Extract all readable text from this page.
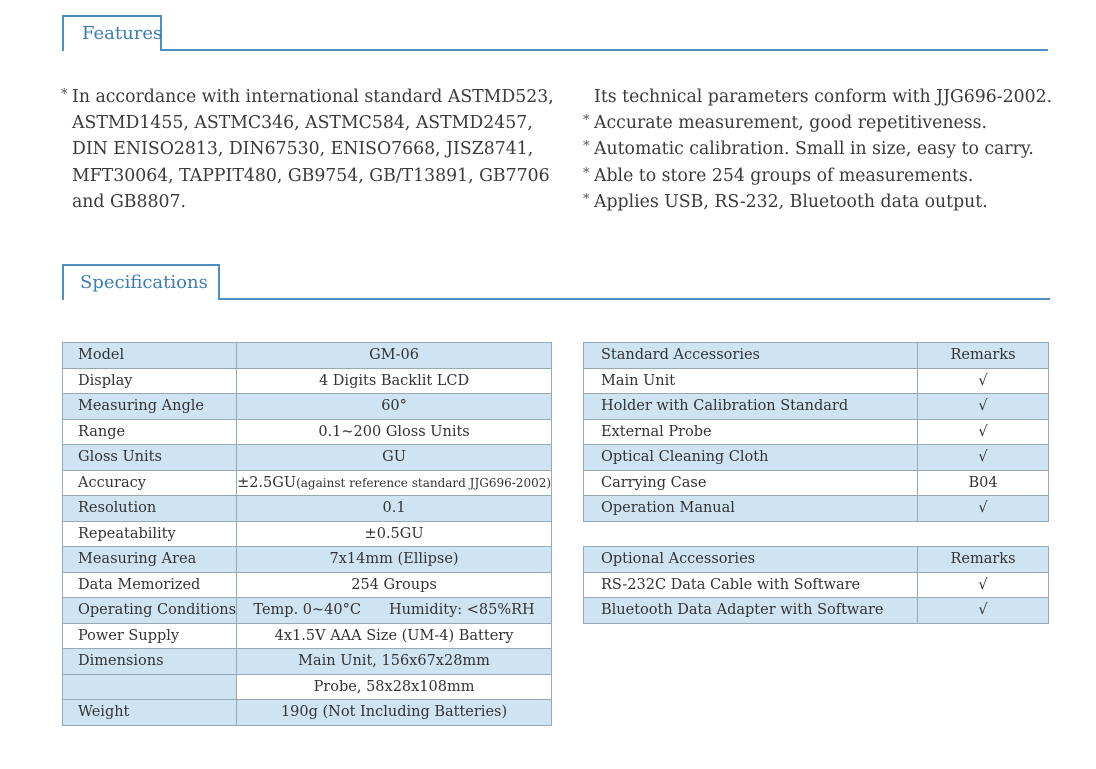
Features
* In accordance with international standard ASTMD523,
ASTMD1455, ASTMC346, ASTMC584, ASTMD2457,
DIN ENISO2813, DIN67530, ENISO7668, JISZ8741,
MFT30064, TAPPIT480, GB9754, GB/T13891, GB7706
and GB8807.
Its technical parameters conform with JJG696-2002.
* Accurate measurement, good repetitiveness.
* Automatic calibration. Small in size, easy to carry.
* Able to store 254 groups of measurements.
* Applies USB, RS-232, Bluetooth data output.
Specifications
Model	GM-06
Display	4 Digits Backlit LCD
Measuring Angle	60°
Range	0.1~200 Gloss Units
Gloss Units	GU
Accuracy	±2.5GU(against reference standard JJG696-2002)
Resolution	0.1
Repeatability	±0.5GU
Measuring Area	7x14mm (Ellipse)
Data Memorized	254 Groups
Operating Conditions	Temp. 0~40°C Humidity: <85%RH
Power Supply	4x1.5V AAA Size (UM-4) Battery
Dimensions	Main Unit, 156x67x28mm
	Probe, 58x28x108mm
Weight	190g (Not Including Batteries)
Standard Accessories	Remarks
Main Unit	√
Holder with Calibration Standard	√
External Probe	√
Optical Cleaning Cloth	√
Carrying Case	B04
Operation Manual	√
Optional Accessories	Remarks
RS-232C Data Cable with Software	√
Bluetooth Data Adapter with Software	√
